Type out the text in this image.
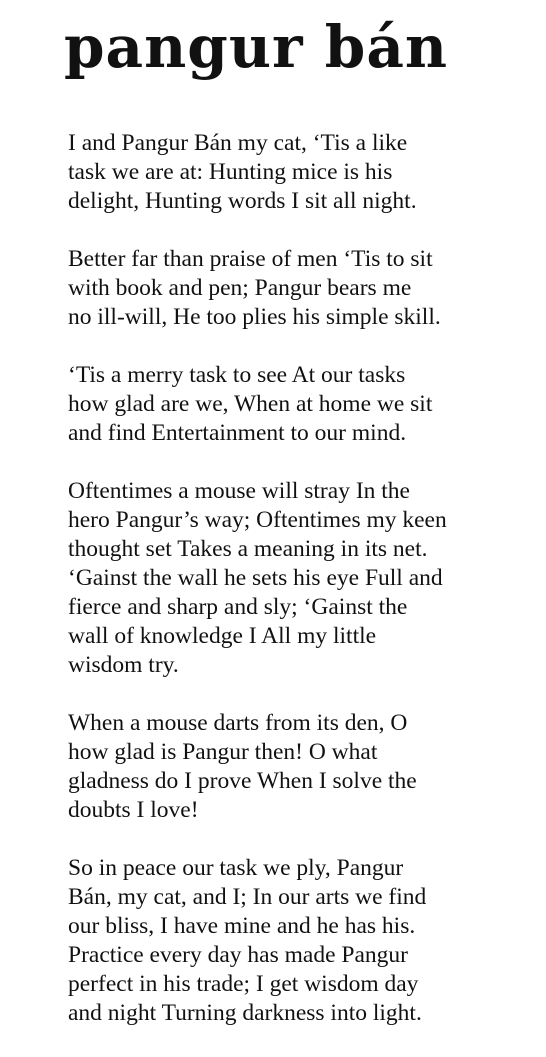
pangur bán

I and Pangur Bán my cat, ‘Tis a like
task we are at: Hunting mice is his
delight, Hunting words I sit all night.

Better far than praise of men ‘Tis to sit
with book and pen; Pangur bears me
no ill-will, He too plies his simple skill.

‘Tis a merry task to see At our tasks
how glad are we, When at home we sit
and find Entertainment to our mind.

Oftentimes a mouse will stray In the
hero Pangur’s way; Oftentimes my keen
thought set Takes a meaning in its net.
‘Gainst the wall he sets his eye Full and
fierce and sharp and sly; ‘Gainst the
wall of knowledge I All my little
wisdom try.

When a mouse darts from its den, O
how glad is Pangur then! O what
gladness do I prove When I solve the
doubts I love!

So in peace our task we ply, Pangur
Bán, my cat, and I; In our arts we find
our bliss, I have mine and he has his.
Practice every day has made Pangur
perfect in his trade; I get wisdom day
and night Turning darkness into light.
